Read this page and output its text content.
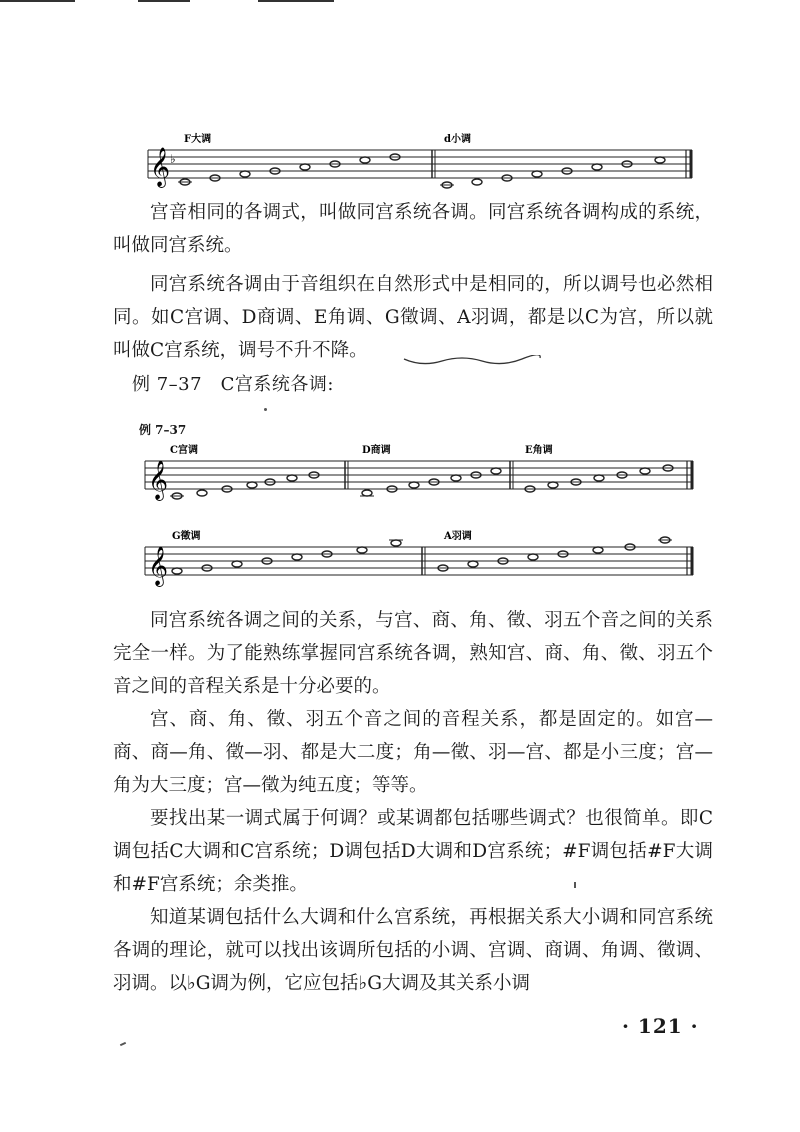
𝄞 ♭
F大调	d小调

宫音相同的各调式，叫做同宫系统各调。同宫系统各调构成的系统，叫做同宫系统。

同宫系统各调由于音组织在自然形式中是相同的，所以调号也必然相同。如C宫调、D商调、E角调、G徵调、A羽调，都是以C为宫，所以就叫做C宫系统，调号不升不降。

例 7–37　C宫系统各调:
例 7–37
𝄞
C宫调	D商调	E角调
𝄞
G徵调	A羽调

同宫系统各调之间的关系，与宫、商、角、徵、羽五个音之间的关系完全一样。为了能熟练掌握同宫系统各调，熟知宫、商、角、徵、羽五个音之间的音程关系是十分必要的。

宫、商、角、徵、羽五个音之间的音程关系，都是固定的。如宫—商、商—角、徵—羽、都是大二度；角—徵、羽—宫、都是小三度；宫—角为大三度；宫—徵为纯五度；等等。

要找出某一调式属于何调？或某调都包括哪些调式？也很简单。即C调包括C大调和C宫系统；D调包括D大调和D宫系统；#F调包括#F大调和#F宫系统；余类推。

知道某调包括什么大调和什么宫系统，再根据关系大小调和同宫系统各调的理论，就可以找出该调所包括的小调、宫调、商调、角调、徵调、羽调。以♭G调为例，它应包括♭G大调及其关系小调

· 121 ·
